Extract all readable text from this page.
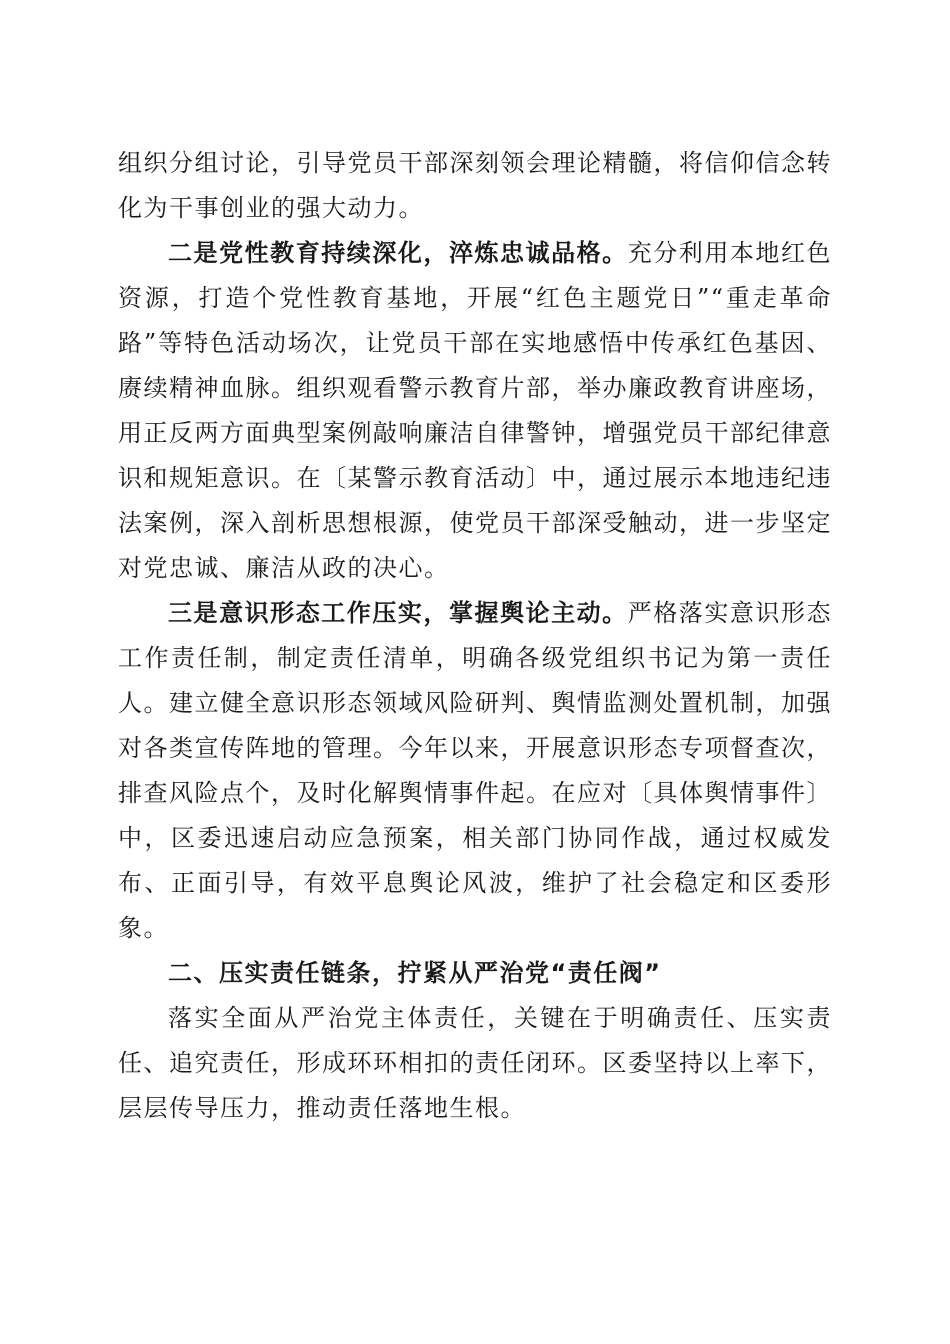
组织分组讨论，引导党员干部深刻领会理论精髓，将信仰信念转化为干事创业的强大动力。

二是党性教育持续深化，淬炼忠诚品格。充分利用本地红色资源，打造个党性教育基地，开展“红色主题党日”“重走革命路”等特色活动场次，让党员干部在实地感悟中传承红色基因、赓续精神血脉。组织观看警示教育片部，举办廉政教育讲座场，用正反两方面典型案例敲响廉洁自律警钟，增强党员干部纪律意识和规矩意识。在〔某警示教育活动〕中，通过展示本地违纪违法案例，深入剖析思想根源，使党员干部深受触动，进一步坚定对党忠诚、廉洁从政的决心。

三是意识形态工作压实，掌握舆论主动。严格落实意识形态工作责任制，制定责任清单，明确各级党组织书记为第一责任人。建立健全意识形态领域风险研判、舆情监测处置机制，加强对各类宣传阵地的管理。今年以来，开展意识形态专项督查次，排查风险点个，及时化解舆情事件起。在应对〔具体舆情事件〕中，区委迅速启动应急预案，相关部门协同作战，通过权威发布、正面引导，有效平息舆论风波，维护了社会稳定和区委形象。

二、压实责任链条，拧紧从严治党“责任阀”

落实全面从严治党主体责任，关键在于明确责任、压实责任、追究责任，形成环环相扣的责任闭环。区委坚持以上率下，层层传导压力，推动责任落地生根。
